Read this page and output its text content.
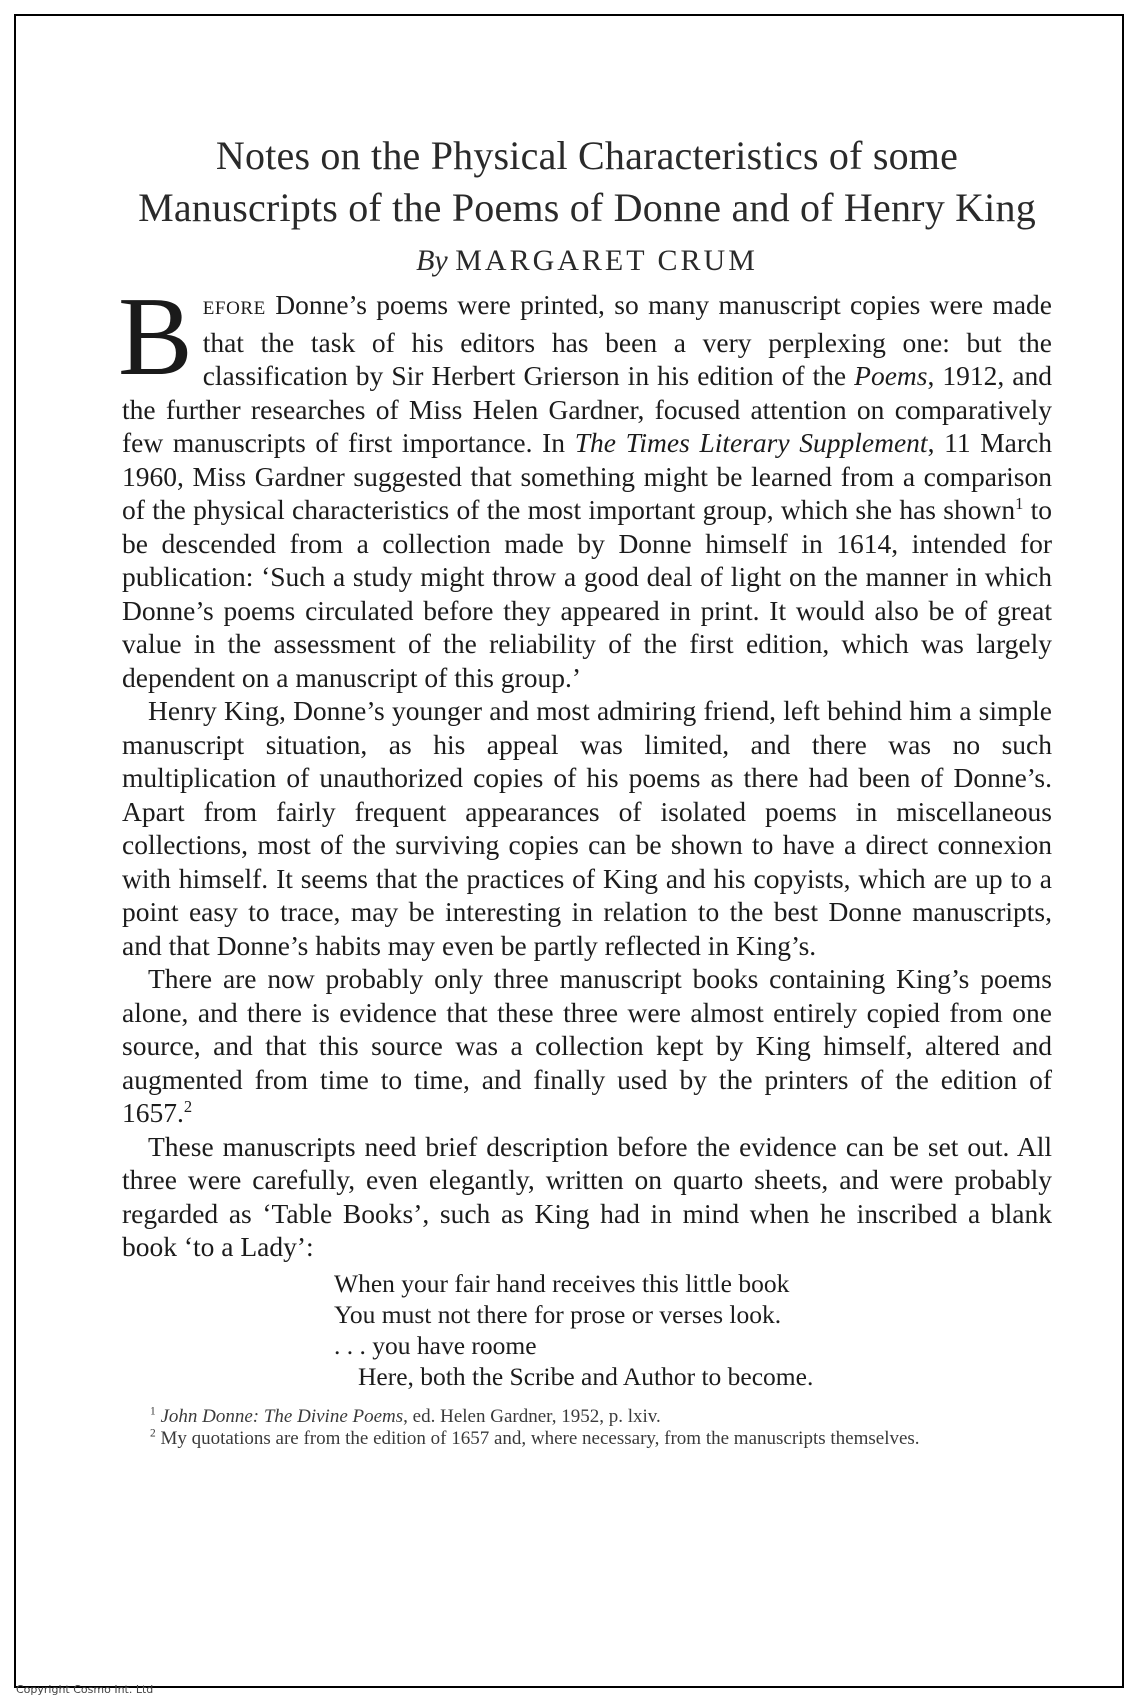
Notes on the Physical Characteristics of some Manuscripts of the Poems of Donne and of Henry King
By MARGARET CRUM

BEFORE Donne’s poems were printed, so many manuscript copies were made that the task of his editors has been a very perplexing one: but the classification by Sir Herbert Grierson in his edition of the Poems, 1912, and the further researches of Miss Helen Gardner, focused attention on comparatively few manuscripts of first importance. In The Times Literary Supplement, 11 March 1960, Miss Gardner suggested that something might be learned from a comparison of the physical characteristics of the most important group, which she has shown$^1$ to be descended from a collection made by Donne himself in 1614, intended for publication: ‘Such a study might throw a good deal of light on the manner in which Donne’s poems circulated before they appeared in print. It would also be of great value in the assessment of the reliability of the first edition, which was largely dependent on a manuscript of this group.’

Henry King, Donne’s younger and most admiring friend, left behind him a simple manuscript situation, as his appeal was limited, and there was no such multiplication of unauthorized copies of his poems as there had been of Donne’s. Apart from fairly frequent appearances of isolated poems in miscellaneous collections, most of the surviving copies can be shown to have a direct connexion with himself. It seems that the practices of King and his copyists, which are up to a point easy to trace, may be interesting in relation to the best Donne manuscripts, and that Donne’s habits may even be partly reflected in King’s.

There are now probably only three manuscript books containing King’s poems alone, and there is evidence that these three were almost entirely copied from one source, and that this source was a collection kept by King himself, altered and augmented from time to time, and finally used by the printers of the edition of 1657.$^2$

These manuscripts need brief description before the evidence can be set out. All three were carefully, even elegantly, written on quarto sheets, and were probably regarded as ‘Table Books’, such as King had in mind when he inscribed a blank book ‘to a Lady’:

When your fair hand receives this little book
You must not there for prose or verses look.
. . . you have roome
Here, both the Scribe and Author to become.

$^1$ John Donne: The Divine Poems, ed. Helen Gardner, 1952, p. lxiv.

$^2$ My quotations are from the edition of 1657 and, where necessary, from the manuscripts themselves.

Copyright Cosmo Int. Ltd
